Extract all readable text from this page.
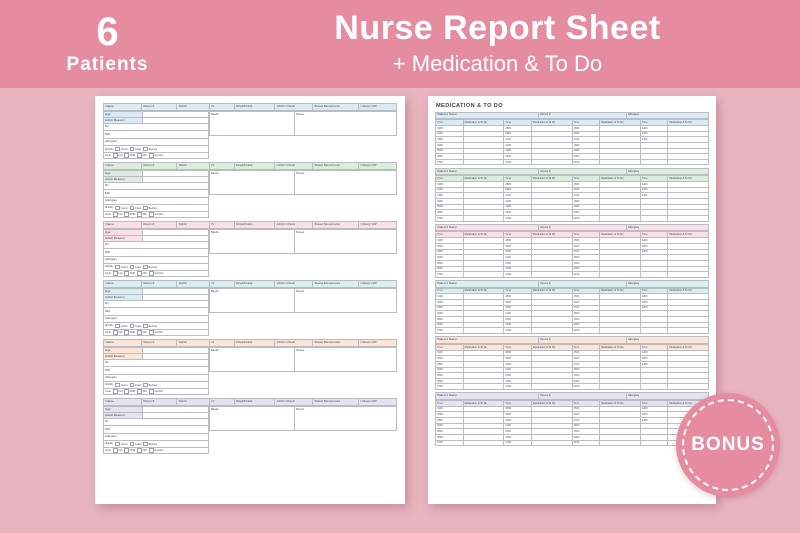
6
Patients
Nurse Report Sheet
+ Medication & To Do
Name	Room #	SpO2	IV	Drips/Fluids	ACCU Check	Bowel Movements	Urinary O/P
Age	
Admit Reason	
Dx	
MD	
Allergies	

Mobility Assist Indep Bedrest	

Code Full DNR DNI Comfort	
Meds	Notes
Name	Room #	SpO2	IV	Drips/Fluids	ACCU Check	Bowel Movements	Urinary O/P
Age	
Admit Reason	
Dx	
MD	
Allergies	

Mobility Assist Indep Bedrest	

Code Full DNR DNI Comfort	
Meds	Notes
Name	Room #	SpO2	IV	Drips/Fluids	ACCU Check	Bowel Movements	Urinary O/P
Age	
Admit Reason	
Dx	
MD	
Allergies	

Mobility Assist Indep Bedrest	

Code Full DNR DNI Comfort	
Meds	Notes
Name	Room #	SpO2	IV	Drips/Fluids	ACCU Check	Bowel Movements	Urinary O/P
Age	
Admit Reason	
Dx	
MD	
Allergies	

Mobility Assist Indep Bedrest	

Code Full DNR DNI Comfort	
Meds	Notes
Name	Room #	SpO2	IV	Drips/Fluids	ACCU Check	Bowel Movements	Urinary O/P
Age	
Admit Reason	
Dx	
MD	
Allergies	

Mobility Assist Indep Bedrest	

Code Full DNR DNI Comfort	
Meds	Notes
Name	Room #	SpO2	IV	Drips/Fluids	ACCU Check	Bowel Movements	Urinary O/P
Age	
Admit Reason	
Dx	
MD	
Allergies	

Mobility Assist Indep Bedrest	

Code Full DNR DNI Comfort	
Meds	Notes
MEDICATION & TO DO
Patient's Name	Room #	Allergies
Time	Medication & To Do	Time	Medication & To Do	Time	Medication & To Do	Time	Medication & To Do
0100		0800		1500		2200	
0200		0900		1600		2300	
0300		1000		1700		2400	
0400		1100		1800			
0500		1200		1900			
0600		1300		2000			
0700		1400		2100			
Patient's Name	Room #	Allergies
Time	Medication & To Do	Time	Medication & To Do	Time	Medication & To Do	Time	Medication & To Do
0100		0800		1500		2200	
0200		0900		1600		2300	
0300		1000		1700		2400	
0400		1100		1800			
0500		1200		1900			
0600		1300		2000			
0700		1400		2100			
Patient's Name	Room #	Allergies
Time	Medication & To Do	Time	Medication & To Do	Time	Medication & To Do	Time	Medication & To Do
0100		0800		1500		2200	
0200		0900		1600		2300	
0300		1000		1700		2400	
0400		1100		1800			
0500		1200		1900			
0600		1300		2000			
0700		1400		2100			
Patient's Name	Room #	Allergies
Time	Medication & To Do	Time	Medication & To Do	Time	Medication & To Do	Time	Medication & To Do
0100		0800		1500		2200	
0200		0900		1600		2300	
0300		1000		1700		2400	
0400		1100		1800			
0500		1200		1900			
0600		1300		2000			
0700		1400		2100			
Patient's Name	Room #	Allergies
Time	Medication & To Do	Time	Medication & To Do	Time	Medication & To Do	Time	Medication & To Do
0100		0800		1500		2200	
0200		0900		1600		2300	
0300		1000		1700		2400	
0400		1100		1800			
0500		1200		1900			
0600		1300		2000			
0700		1400		2100			
Patient's Name	Room #	Allergies
Time	Medication & To Do	Time	Medication & To Do	Time	Medication & To Do	Time	Medication & To Do
0100		0800		1500		2200	
0200		0900		1600		2300	
0300		1000		1700		2400	
0400		1100		1800			
0500		1200		1900			
0600		1300		2000			
0700		1400		2100				BONUS
